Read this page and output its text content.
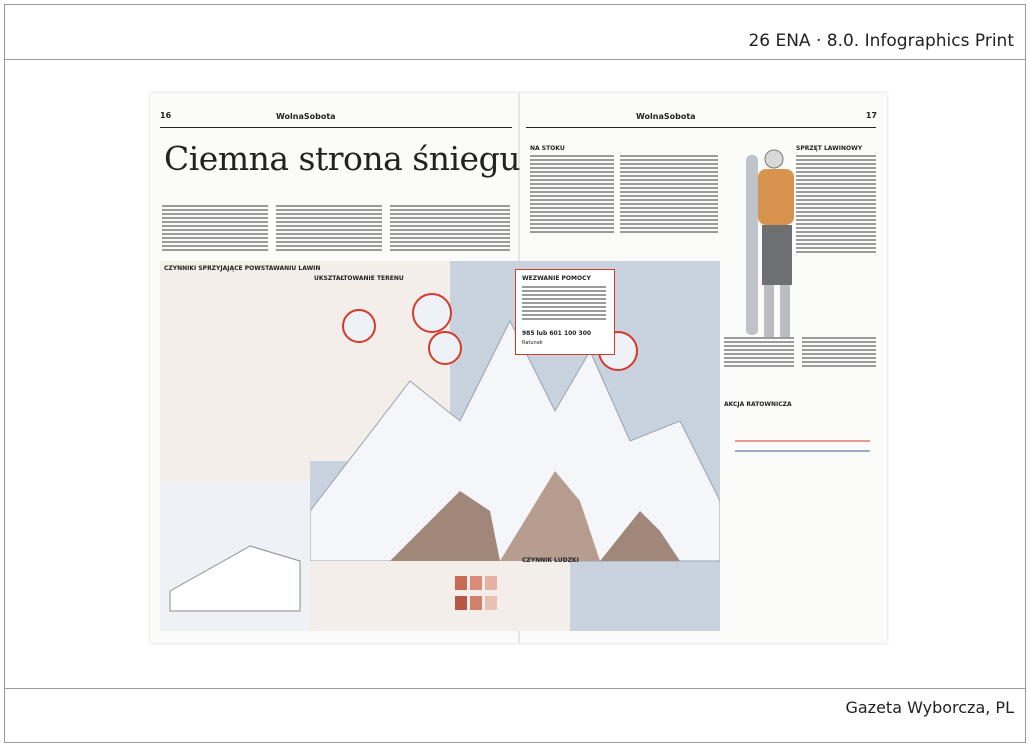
26 ENA · 8.0. Infographics Print
Gazeta Wyborcza, PL
16	17
WolnaSobota	WolnaSobota
Ciemna strona śniegu NA STOKU
CZYNNIKI SPRZYJAJĄCE POWSTAWANIU LAWIN
UKSZTAŁTOWANIE TERENU
CZYNNIK LUDZKI
AKCJA RATOWNICZA
WEZWANIE POMOCY
985 lub 601 100 300
Ratunek
SPRZĘT LAWINOWY
